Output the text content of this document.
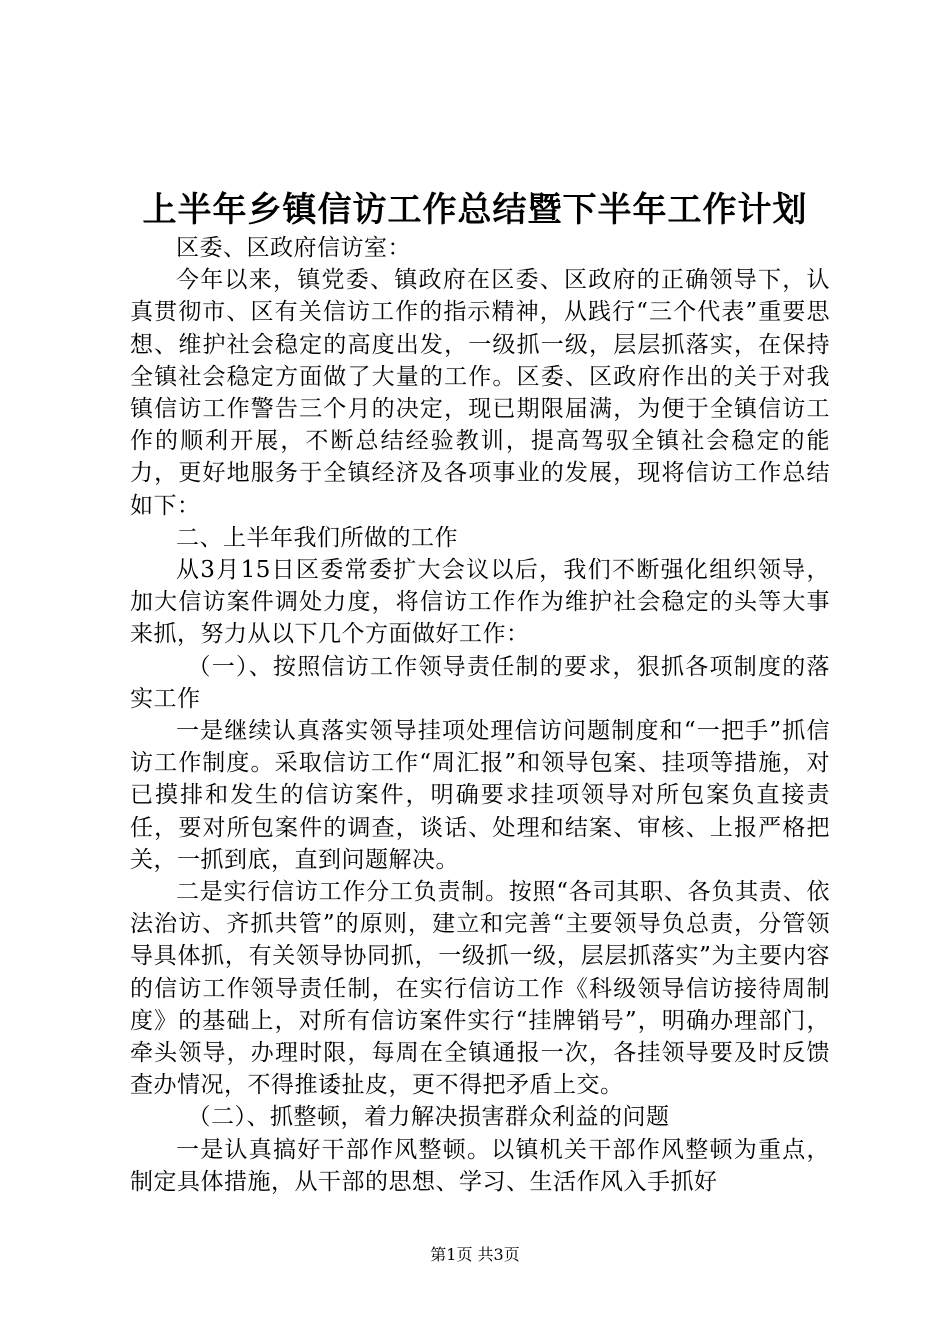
上半年乡镇信访工作总结暨下半年工作计划

区委、区政府信访室：

今年以来，镇党委、镇政府在区委、区政府的正确领导下，认真贯彻市、区有关信访工作的指示精神，从践行“三个代表”重要思想、维护社会稳定的高度出发，一级抓一级，层层抓落实，在保持全镇社会稳定方面做了大量的工作。区委、区政府作出的关于对我镇信访工作警告三个月的决定，现已期限届满，为便于全镇信访工作的顺利开展，不断总结经验教训，提高驾驭全镇社会稳定的能力，更好地服务于全镇经济及各项事业的发展，现将信访工作总结如下：

二、上半年我们所做的工作

从3月15日区委常委扩大会议以后，我们不断强化组织领导，加大信访案件调处力度，将信访工作作为维护社会稳定的头等大事来抓，努力从以下几个方面做好工作：

（一）、按照信访工作领导责任制的要求，狠抓各项制度的落实工作

一是继续认真落实领导挂项处理信访问题制度和“一把手”抓信访工作制度。采取信访工作“周汇报”和领导包案、挂项等措施，对已摸排和发生的信访案件，明确要求挂项领导对所包案负直接责任，要对所包案件的调查，谈话、处理和结案、审核、上报严格把关，一抓到底，直到问题解决。

二是实行信访工作分工负责制。按照“各司其职、各负其责、依法治访、齐抓共管”的原则，建立和完善“主要领导负总责，分管领导具体抓，有关领导协同抓，一级抓一级，层层抓落实”为主要内容的信访工作领导责任制，在实行信访工作《科级领导信访接待周制度》的基础上，对所有信访案件实行“挂牌销号”，明确办理部门，牵头领导，办理时限，每周在全镇通报一次，各挂领导要及时反馈查办情况，不得推诿扯皮，更不得把矛盾上交。

（二）、抓整顿，着力解决损害群众利益的问题

一是认真搞好干部作风整顿。以镇机关干部作风整顿为重点，制定具体措施，从干部的思想、学习、生活作风入手抓好

第1页 共3页
